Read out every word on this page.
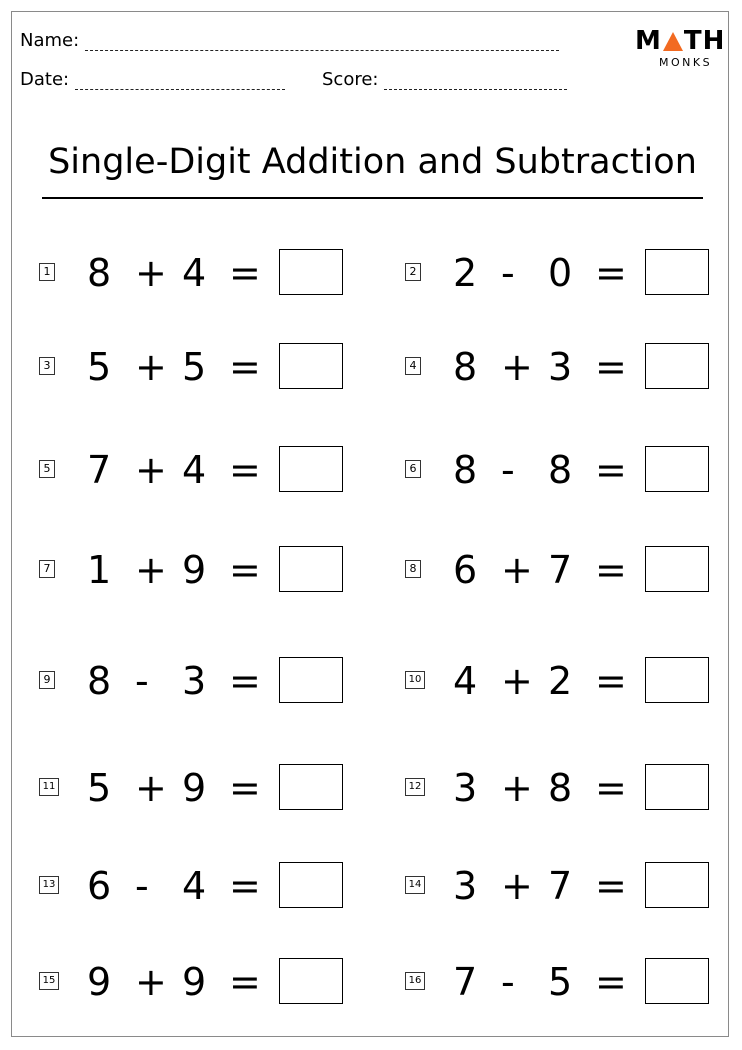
Name:
Date:	Score:
M TH
MONKS
Single-Digit Addition and Subtraction
1 8 + 4 =	2 2 - 0 =
3 5 + 5 =	4 8 + 3 =
5 7 + 4 =	6 8 - 8 =
7 1 + 9 =	8 6 + 7 =
9 8 - 3 =	10 4 + 2 =
11 5 + 9 =	12 3 + 8 =
13 6 - 4 =	14 3 + 7 =
15 9 + 9 =	16 7 - 5 =
